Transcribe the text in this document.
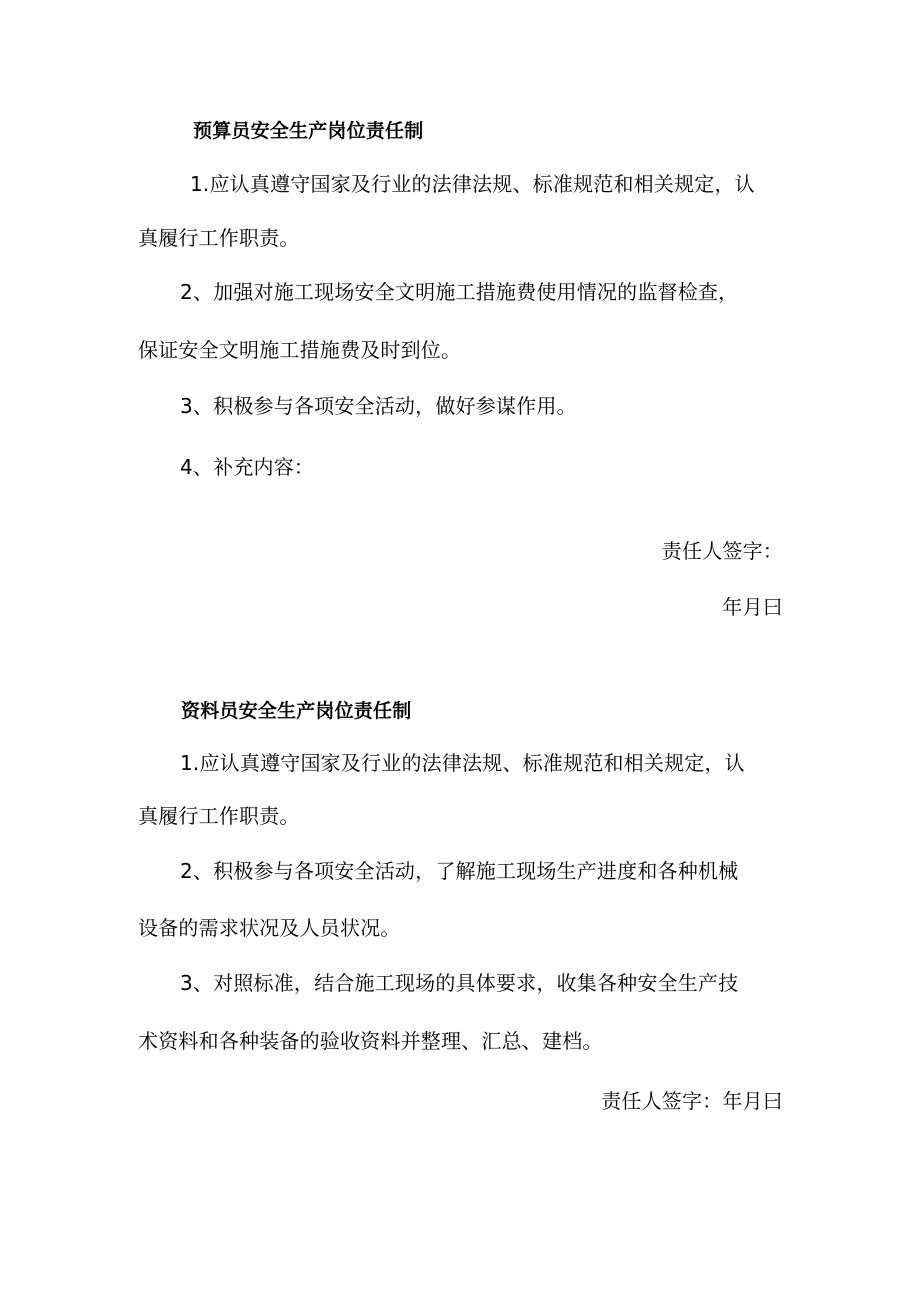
预算员安全生产岗位责任制
1.应认真遵守国家及行业的法律法规、标准规范和相关规定，认
真履行工作职责。
2、加强对施工现场安全文明施工措施费使用情况的监督检查，
保证安全文明施工措施费及时到位。
3、积极参与各项安全活动，做好参谋作用。
4、补充内容：
责任人签字：
年月曰
资料员安全生产岗位责任制
1.应认真遵守国家及行业的法律法规、标准规范和相关规定，认
真履行工作职责。
2、积极参与各项安全活动，了解施工现场生产进度和各种机械
设备的需求状况及人员状况。
3、对照标准，结合施工现场的具体要求，收集各种安全生产技
术资料和各种装备的验收资料并整理、汇总、建档。
责任人签字：年月曰
